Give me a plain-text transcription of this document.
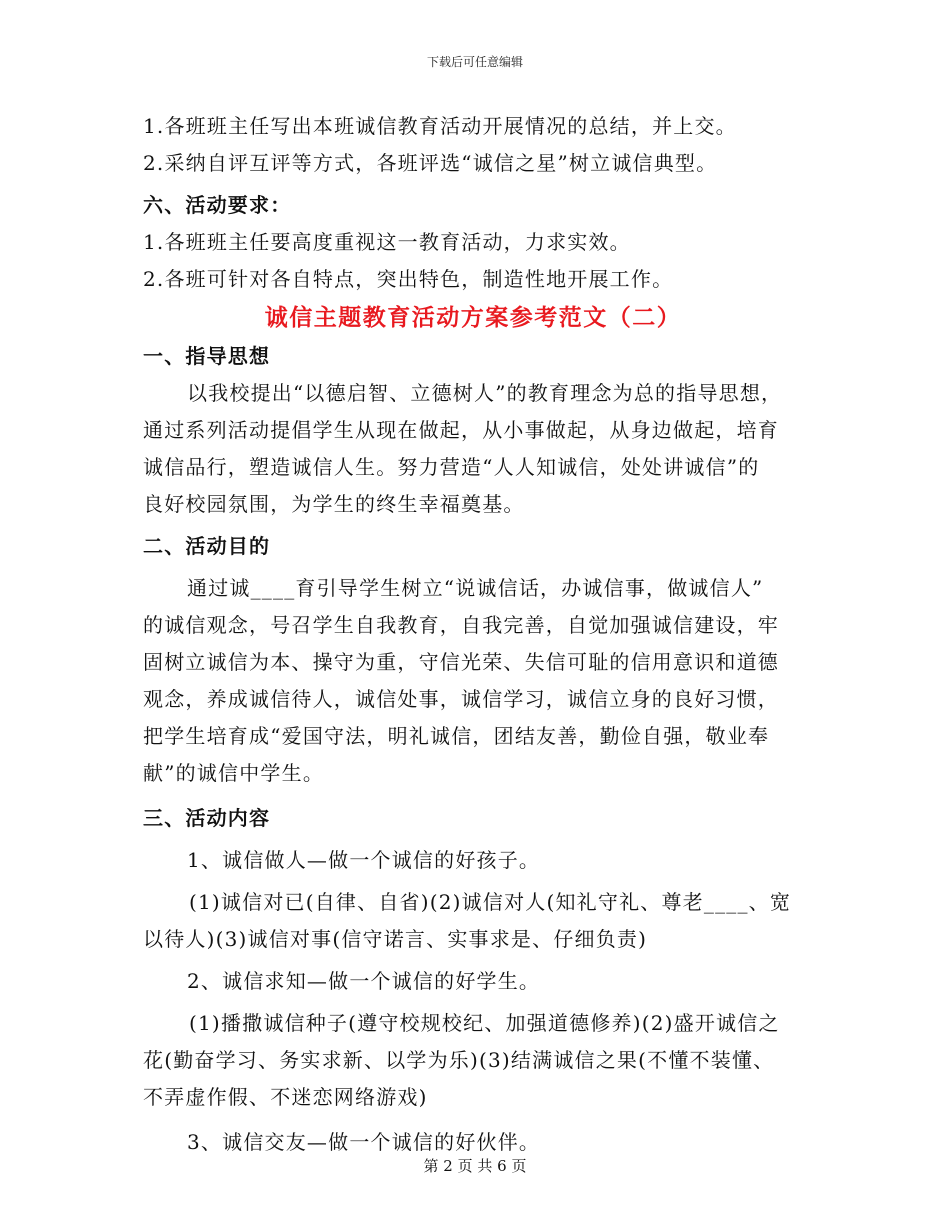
下载后可任意编辑
1.各班班主任写出本班诚信教育活动开展情况的总结，并上交。
2.采纳自评互评等方式，各班评选“诚信之星”树立诚信典型。
六、活动要求：
1.各班班主任要高度重视这一教育活动，力求实效。
2.各班可针对各自特点，突出特色，制造性地开展工作。
诚信主题教育活动方案参考范文（二）
一、指导思想
以我校提出“以德启智、立德树人”的教育理念为总的指导思想，
通过系列活动提倡学生从现在做起，从小事做起，从身边做起，培育
诚信品行，塑造诚信人生。努力营造“人人知诚信，处处讲诚信”的
良好校园氛围，为学生的终生幸福奠基。
二、活动目的
通过诚____育引导学生树立“说诚信话，办诚信事，做诚信人”
的诚信观念，号召学生自我教育，自我完善，自觉加强诚信建设，牢
固树立诚信为本、操守为重，守信光荣、失信可耻的信用意识和道德
观念，养成诚信待人，诚信处事，诚信学习，诚信立身的良好习惯，
把学生培育成“爱国守法，明礼诚信，团结友善，勤俭自强，敬业奉
献”的诚信中学生。
三、活动内容
1、诚信做人—做一个诚信的好孩子。
(1)诚信对已(自律、自省)(2)诚信对人(知礼守礼、尊老____、宽
以待人)(3)诚信对事(信守诺言、实事求是、仔细负责)
2、诚信求知—做一个诚信的好学生。
(1)播撒诚信种子(遵守校规校纪、加强道德修养)(2)盛开诚信之
花(勤奋学习、务实求新、以学为乐)(3)结满诚信之果(不懂不装懂、
不弄虚作假、不迷恋网络游戏)
3、诚信交友—做一个诚信的好伙伴。
第 2 页 共 6 页
